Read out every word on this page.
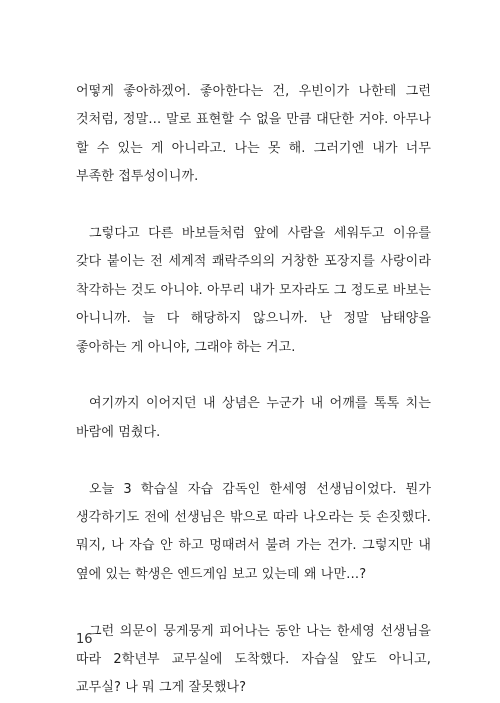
어떻게 좋아하겠어. 좋아한다는 건, 우빈이가 나한테 그런 것처럼, 정말… 말로 표현할 수 없을 만큼 대단한 거야. 아무나 할 수 있는 게 아니라고. 나는 못 해. 그러기엔 내가 너무 부족한 접투성이니까.

그렇다고 다른 바보들처럼 앞에 사람을 세워두고 이유를 갖다 붙이는 전 세계적 쾌락주의의 거창한 포장지를 사랑이라 착각하는 것도 아니야. 아무리 내가 모자라도 그 정도로 바보는 아니니까. 늘 다 해당하지 않으니까. 난 정말 남태양을 좋아하는 게 아니야, 그래야 하는 거고.

여기까지 이어지던 내 상념은 누군가 내 어깨를 톡톡 치는 바람에 멈췄다.

오늘 3 학습실 자습 감독인 한세영 선생님이었다. 뭔가 생각하기도 전에 선생님은 밖으로 따라 나오라는 듯 손짓했다. 뭐지, 나 자습 안 하고 멍때려서 불려 가는 건가. 그렇지만 내 옆에 있는 학생은 엔드게임 보고 있는데 왜 나만…?

그런 의문이 뭉게뭉게 피어나는 동안 나는 한세영 선생님을 따라 2학년부 교무실에 도착했다. 자습실 앞도 아니고, 교무실? 나 뭐 그게 잘못했나?

16
